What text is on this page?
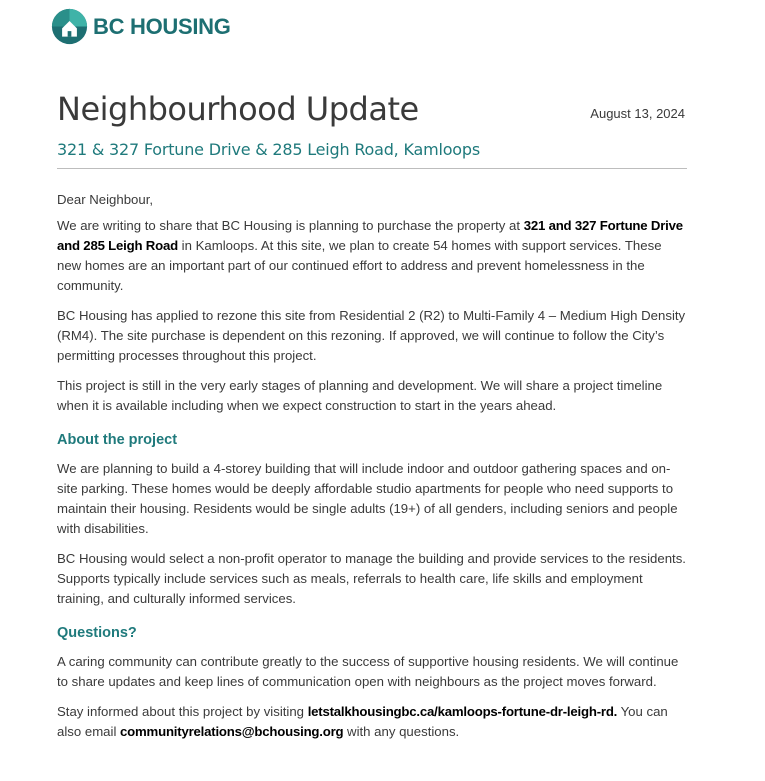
BC HOUSING
Neighbourhood Update	August 13, 2024
321 & 327 Fortune Drive & 285 Leigh Road, Kamloops

Dear Neighbour,

We are writing to share that BC Housing is planning to purchase the property at 321 and 327 Fortune Drive and 285 Leigh Road in Kamloops. At this site, we plan to create 54 homes with support services. These new homes are an important part of our continued effort to address and prevent homelessness in the community.

BC Housing has applied to rezone this site from Residential 2 (R2) to Multi-Family 4 – Medium High Density (RM4). The site purchase is dependent on this rezoning. If approved, we will continue to follow the City’s permitting processes throughout this project.

This project is still in the very early stages of planning and development. We will share a project timeline when it is available including when we expect construction to start in the years ahead.

About the project

We are planning to build a 4-storey building that will include indoor and outdoor gathering spaces and on-site parking. These homes would be deeply affordable studio apartments for people who need supports to maintain their housing. Residents would be single adults (19+) of all genders, including seniors and people with disabilities.

BC Housing would select a non-profit operator to manage the building and provide services to the residents. Supports typically include services such as meals, referrals to health care, life skills and employment training, and culturally informed services.

Questions?

A caring community can contribute greatly to the success of supportive housing residents. We will continue to share updates and keep lines of communication open with neighbours as the project moves forward.

Stay informed about this project by visiting letstalkhousingbc.ca/kamloops-fortune-dr-leigh-rd. You can also email communityrelations@bchousing.org with any questions.
